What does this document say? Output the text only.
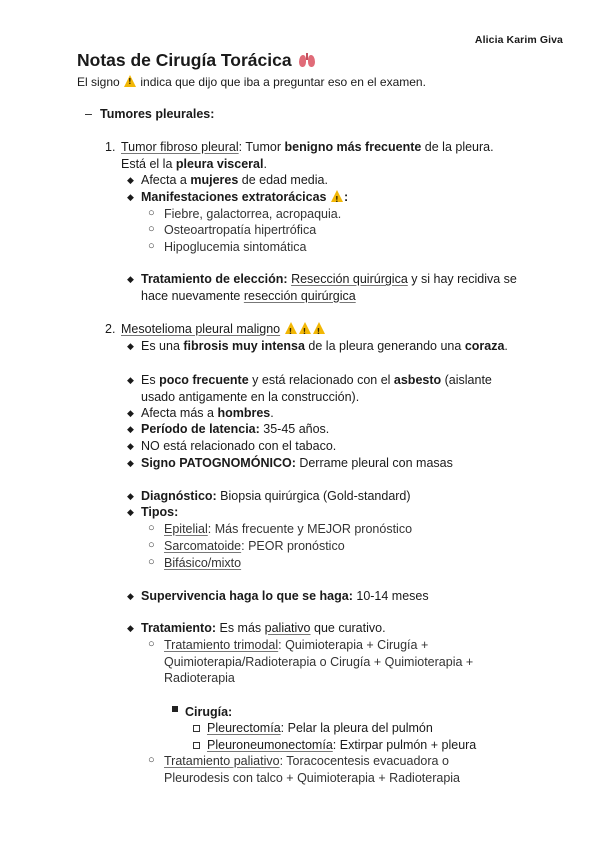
Alicia Karim Giva
Notas de Cirugía Torácica
El signo ! indica que dijo que iba a preguntar eso en el examen.
– Tumores pleurales:
1. Tumor fibroso pleural: Tumor benigno más frecuente de la pleura.
Está el la pleura visceral.
◆ Afecta a mujeres de edad media.
◆ Manifestaciones extratorácicas ! :
○ Fiebre, galactorrea, acropaquia.
○ Osteoartropatía hipertrófica
○ Hipoglucemia sintomática
◆ Tratamiento de elección: Resección quirúrgica y si hay recidiva se hace nuevamente resección quirúrgica
2. Mesotelioma pleural maligno !!!
◆ Es una fibrosis muy intensa de la pleura generando una coraza.
◆ Es poco frecuente y está relacionado con el asbesto (aislante usado antigamente en la construcción).
◆ Afecta más a hombres.
◆ Período de latencia: 35-45 años.
◆ NO está relacionado con el tabaco.
◆ Signo PATOGNOMÓNICO: Derrame pleural con masas
◆ Diagnóstico: Biopsia quirúrgica (Gold-standard)
◆ Tipos:
○ Epitelial: Más frecuente y MEJOR pronóstico
○ Sarcomatoide: PEOR pronóstico
○ Bifásico/mixto
◆ Supervivencia haga lo que se haga: 10-14 meses
◆ Tratamiento: Es más paliativo que curativo.
○ Tratamiento trimodal: Quimioterapia + Cirugía + Quimioterapia/Radioterapia o Cirugía + Quimioterapia + Radioterapia
Cirugía:
Pleurectomía: Pelar la pleura del pulmón
Pleuroneumonectomía: Extirpar pulmón + pleura
○ Tratamiento paliativo: Toracocentesis evacuadora o Pleurodesis con talco + Quimioterapia + Radioterapia
